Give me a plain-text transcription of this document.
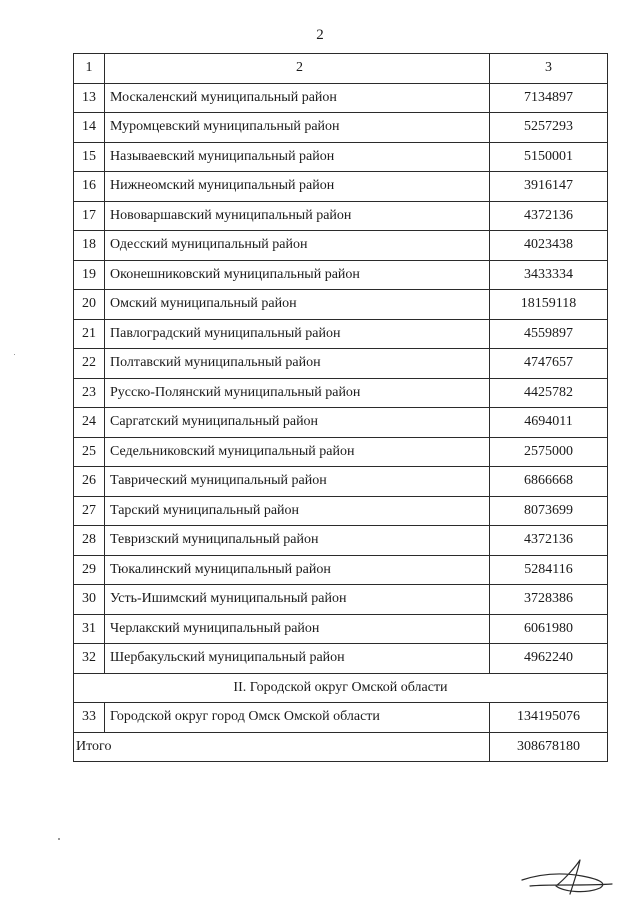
2
1	2	3
13	Москаленский муниципальный район	7134897
14	Муромцевский муниципальный район	5257293
15	Называевский муниципальный район	5150001
16	Нижнеомский муниципальный район	3916147
17	Нововаршавский муниципальный район	4372136
18	Одесский муниципальный район	4023438
19	Оконешниковский муниципальный район	3433334
20	Омский муниципальный район	18159118
21	Павлоградский муниципальный район	4559897
22	Полтавский муниципальный район	4747657
23	Русско-Полянский муниципальный район	4425782
24	Саргатский муниципальный район	4694011
25	Седельниковский муниципальный район	2575000
26	Таврический муниципальный район	6866668
27	Тарский муниципальный район	8073699
28	Тевризский муниципальный район	4372136
29	Тюкалинский муниципальный район	5284116
30	Усть-Ишимский муниципальный район	3728386
31	Черлакский муниципальный район	6061980
32	Шербакульский муниципальный район	4962240
II. Городской округ Омской области		
33	Городской округ город Омск Омской области	134195076
Итого		308678180
